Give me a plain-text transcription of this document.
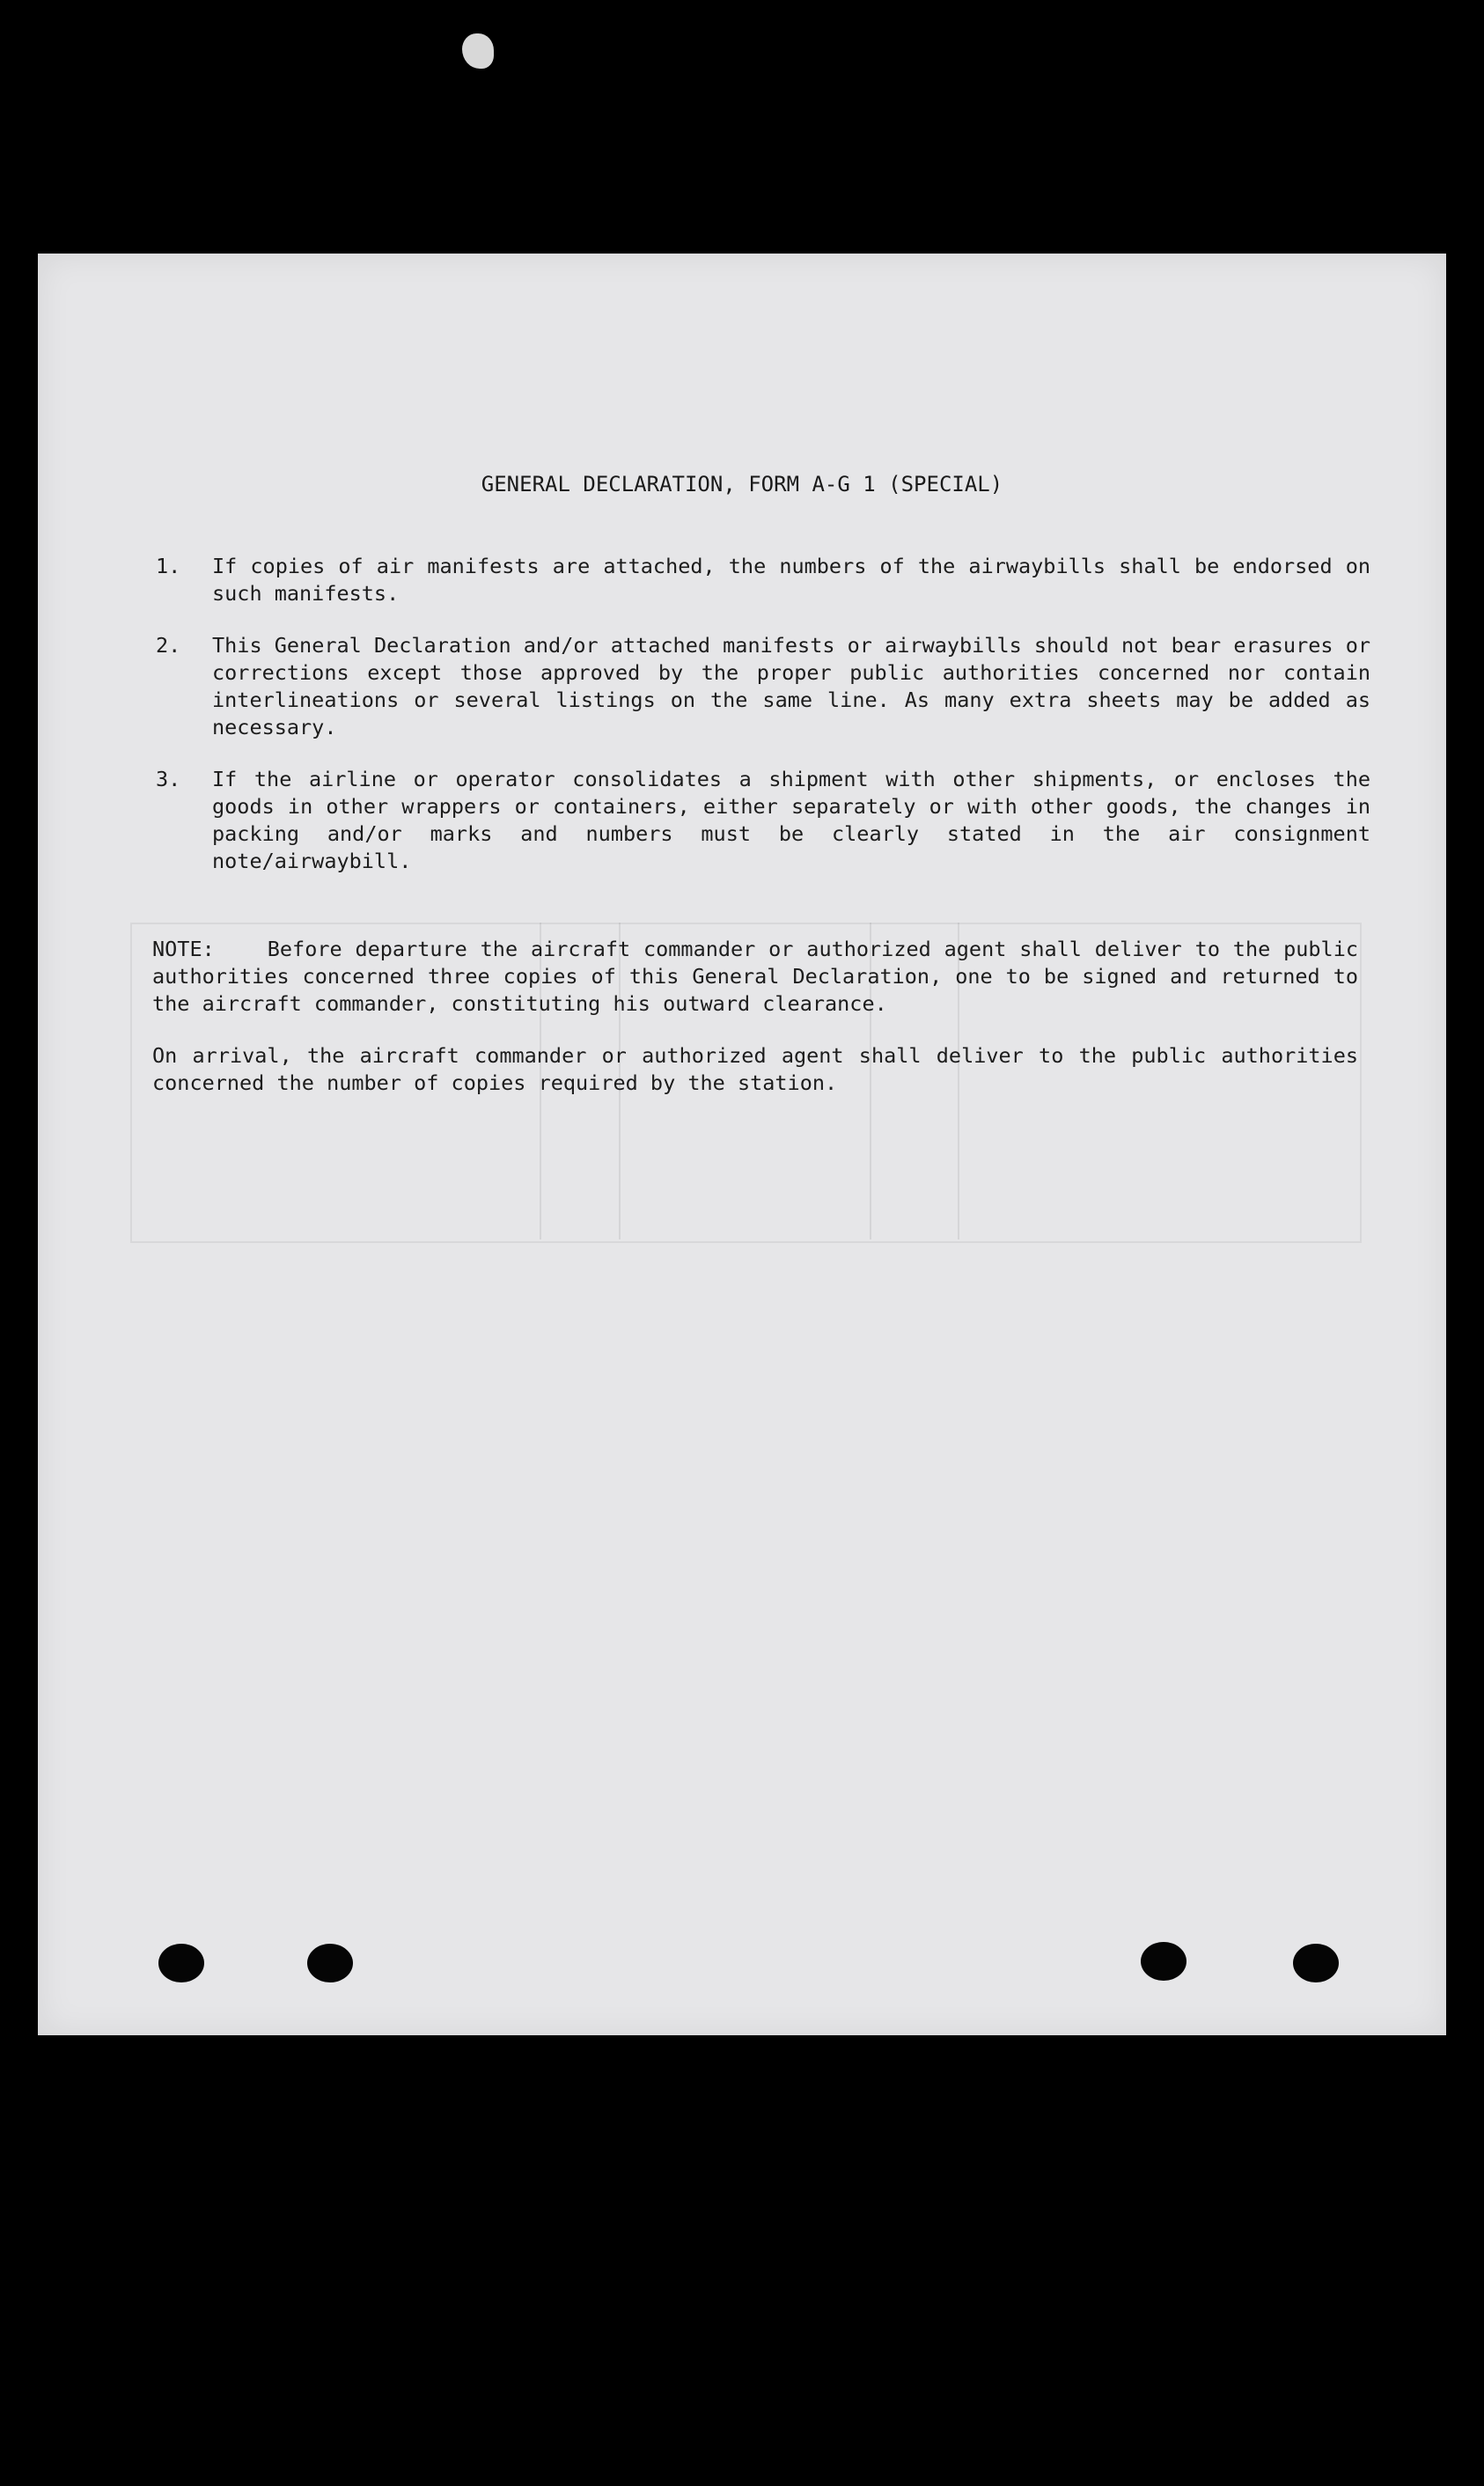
GENERAL DECLARATION, FORM A-G 1 (SPECIAL)
1. If copies of air manifests are attached, the numbers of the airwaybills shall be endorsed on such manifests.
2. This General Declaration and/or attached manifests or airwaybills should not bear erasures or corrections except those approved by the proper public authorities concerned nor contain interlineations or several listings on the same line. As many extra sheets may be added as necessary.
3. If the airline or operator consolidates a shipment with other shipments, or encloses the goods in other wrappers or containers, either separately or with other goods, the changes in packing and/or marks and numbers must be clearly stated in the air consignment note/airwaybill.

NOTE:	Before departure the aircraft commander or authorized agent shall deliver to the public authorities concerned three copies of this General Declaration, one to be signed and returned to the aircraft commander, constituting his outward clearance.

On arrival, the aircraft commander or authorized agent shall deliver to the public authorities concerned the number of copies required by the station.
